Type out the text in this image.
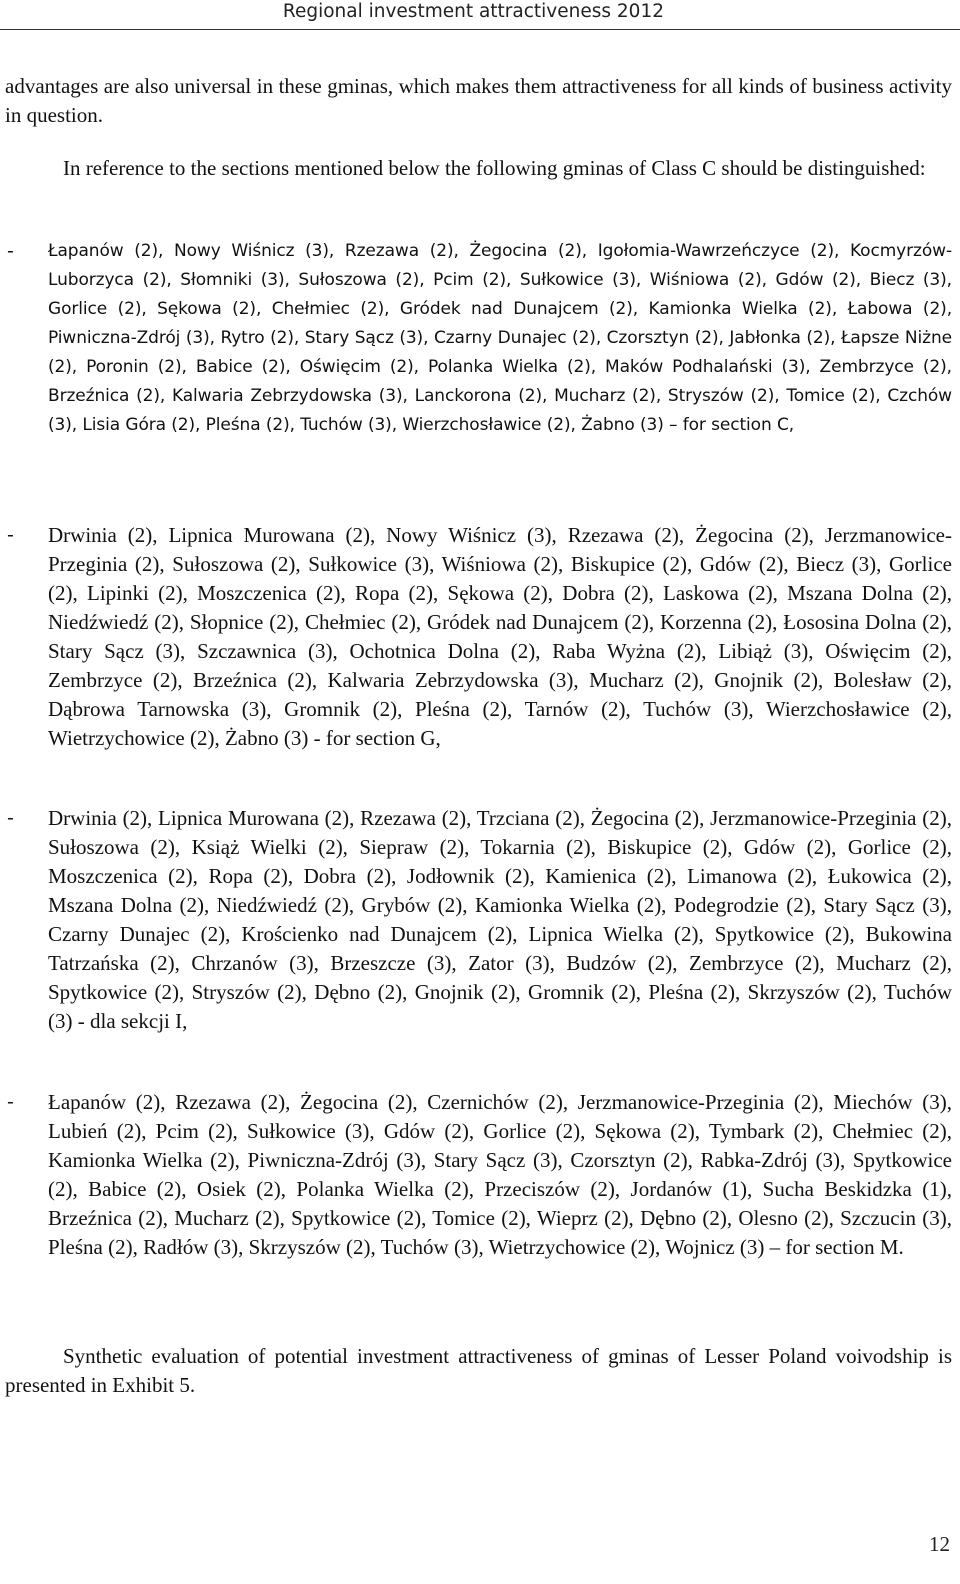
Regional investment attractiveness 2012

advantages are also universal in these gminas, which makes them attractiveness for all kinds of business activity in question.

In reference to the sections mentioned below the following gminas of Class C should be distinguished:

- Łapanów (2), Nowy Wiśnicz (3), Rzezawa (2), Żegocina (2), Igołomia-Wawrzeńczyce (2), Kocmyrzów-Luborzyca (2), Słomniki (3), Sułoszowa (2), Pcim (2), Sułkowice (3), Wiśniowa (2), Gdów (2), Biecz (3), Gorlice (2), Sękowa (2), Chełmiec (2), Gródek nad Dunajcem (2), Kamionka Wielka (2), Łabowa (2), Piwniczna-Zdrój (3), Rytro (2), Stary Sącz (3), Czarny Dunajec (2), Czorsztyn (2), Jabłonka (2), Łapsze Niżne (2), Poronin (2), Babice (2), Oświęcim (2), Polanka Wielka (2), Maków Podhalański (3), Zembrzyce (2), Brzeźnica (2), Kalwaria Zebrzydowska (3), Lanckorona (2), Mucharz (2), Stryszów (2), Tomice (2), Czchów (3), Lisia Góra (2), Pleśna (2), Tuchów (3), Wierzchosławice (2), Żabno (3) – for section C,

- Drwinia (2), Lipnica Murowana (2), Nowy Wiśnicz (3), Rzezawa (2), Żegocina (2), Jerzmanowice-Przeginia (2), Sułoszowa (2), Sułkowice (3), Wiśniowa (2), Biskupice (2), Gdów (2), Biecz (3), Gorlice (2), Lipinki (2), Moszczenica (2), Ropa (2), Sękowa (2), Dobra (2), Laskowa (2), Mszana Dolna (2), Niedźwiedź (2), Słopnice (2), Chełmiec (2), Gródek nad Dunajcem (2), Korzenna (2), Łososina Dolna (2), Stary Sącz (3), Szczawnica (3), Ochotnica Dolna (2), Raba Wyżna (2), Libiąż (3), Oświęcim (2), Zembrzyce (2), Brzeźnica (2), Kalwaria Zebrzydowska (3), Mucharz (2), Gnojnik (2), Bolesław (2), Dąbrowa Tarnowska (3), Gromnik (2), Pleśna (2), Tarnów (2), Tuchów (3), Wierzchosławice (2), Wietrzychowice (2), Żabno (3) - for section G,

- Drwinia (2), Lipnica Murowana (2), Rzezawa (2), Trzciana (2), Żegocina (2), Jerzmanowice-Przeginia (2), Sułoszowa (2), Książ Wielki (2), Siepraw (2), Tokarnia (2), Biskupice (2), Gdów (2), Gorlice (2), Moszczenica (2), Ropa (2), Dobra (2), Jodłownik (2), Kamienica (2), Limanowa (2), Łukowica (2), Mszana Dolna (2), Niedźwiedź (2), Grybów (2), Kamionka Wielka (2), Podegrodzie (2), Stary Sącz (3), Czarny Dunajec (2), Krościenko nad Dunajcem (2), Lipnica Wielka (2), Spytkowice (2), Bukowina Tatrzańska (2), Chrzanów (3), Brzeszcze (3), Zator (3), Budzów (2), Zembrzyce (2), Mucharz (2), Spytkowice (2), Stryszów (2), Dębno (2), Gnojnik (2), Gromnik (2), Pleśna (2), Skrzyszów (2), Tuchów (3) - dla sekcji I,

- Łapanów (2), Rzezawa (2), Żegocina (2), Czernichów (2), Jerzmanowice-Przeginia (2), Miechów (3), Lubień (2), Pcim (2), Sułkowice (3), Gdów (2), Gorlice (2), Sękowa (2), Tymbark (2), Chełmiec (2), Kamionka Wielka (2), Piwniczna-Zdrój (3), Stary Sącz (3), Czorsztyn (2), Rabka-Zdrój (3), Spytkowice (2), Babice (2), Osiek (2), Polanka Wielka (2), Przeciszów (2), Jordanów (1), Sucha Beskidzka (1), Brzeźnica (2), Mucharz (2), Spytkowice (2), Tomice (2), Wieprz (2), Dębno (2), Olesno (2), Szczucin (3), Pleśna (2), Radłów (3), Skrzyszów (2), Tuchów (3), Wietrzychowice (2), Wojnicz (3) – for section M.

Synthetic evaluation of potential investment attractiveness of gminas of Lesser Poland voivodship is presented in Exhibit 5.

12
